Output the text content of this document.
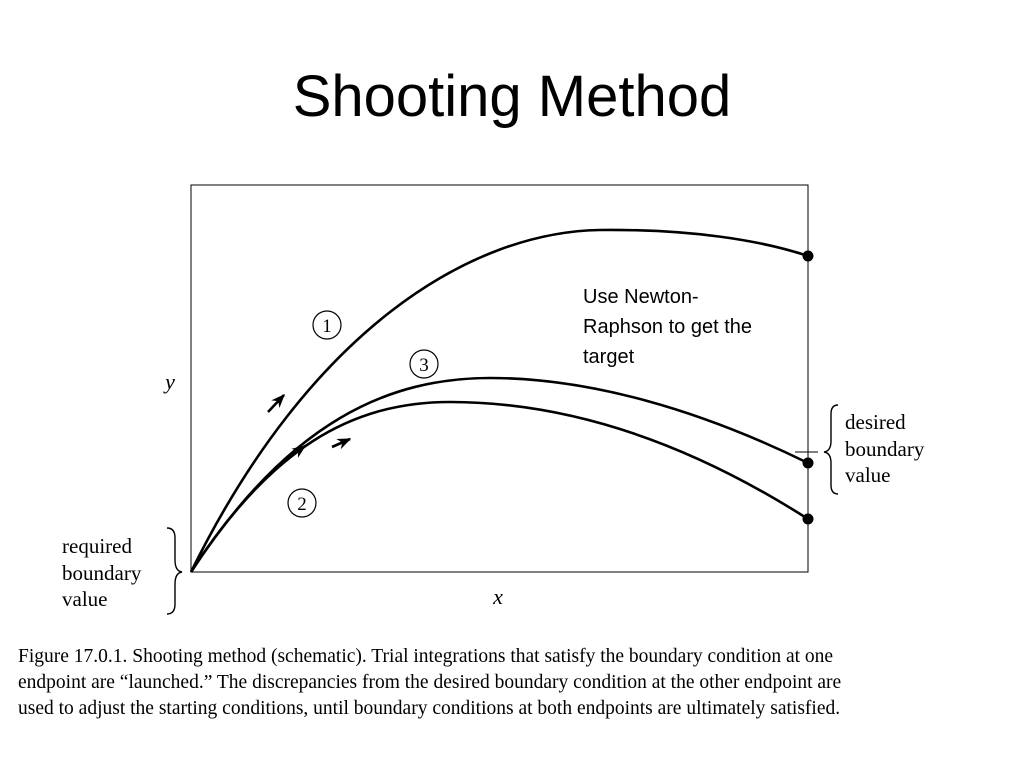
Shooting Method
1
3
2
y
x
required
boundary
value
desired
boundary
value
Use Newton-
Raphson to get the
target
Figure 17.0.1. Shooting method (schematic). Trial integrations that satisfy the boundary condition at one
endpoint are “launched.” The discrepancies from the desired boundary condition at the other endpoint are
used to adjust the starting conditions, until boundary conditions at both endpoints are ultimately satisfied.
